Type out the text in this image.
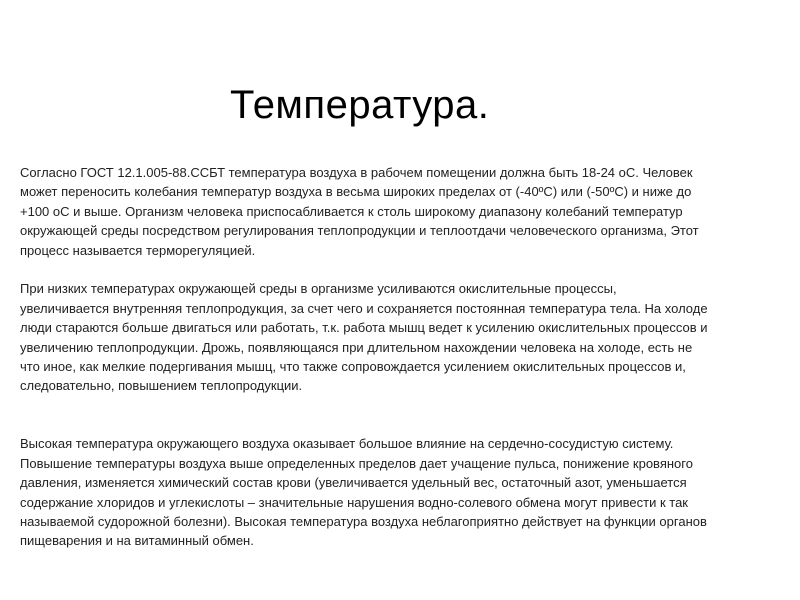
Температура.
Согласно ГОСТ 12.1.005-88.ССБТ температура воздуха в рабочем помещении должна быть 18-24 оС. Человек
может переносить колебания температур воздуха в весьма широких пределах от (-40ºС) или (-50ºС) и ниже до
+100 оС и выше. Организм человека приспосабливается к столь широкому диапазону колебаний температур
окружающей среды посредством регулирования теплопродукции и теплоотдачи человеческого организма, Этот
процесс называется терморегуляцией.
При низких температурах окружающей среды в организме усиливаются окислительные процессы,
увеличивается внутренняя теплопродукция, за счет чего и сохраняется постоянная температура тела. На холоде
люди стараются больше двигаться или работать, т.к. работа мышц ведет к усилению окислительных процессов и
увеличению теплопродукции. Дрожь, появляющаяся при длительном нахождении человека на холоде, есть не
что иное, как мелкие подергивания мышц, что также сопровождается усилением окислительных процессов и,
следовательно, повышением теплопродукции.
Высокая температура окружающего воздуха оказывает большое влияние на сердечно-сосудистую систему.
Повышение температуры воздуха выше определенных пределов дает учащение пульса, понижение кровяного
давления, изменяется химический состав крови (увеличивается удельный вес, остаточный азот, уменьшается
содержание хлоридов и углекислоты – значительные нарушения водно-солевого обмена могут привести к так
называемой судорожной болезни). Высокая температура воздуха неблагоприятно действует на функции органов
пищеварения и на витаминный обмен.
